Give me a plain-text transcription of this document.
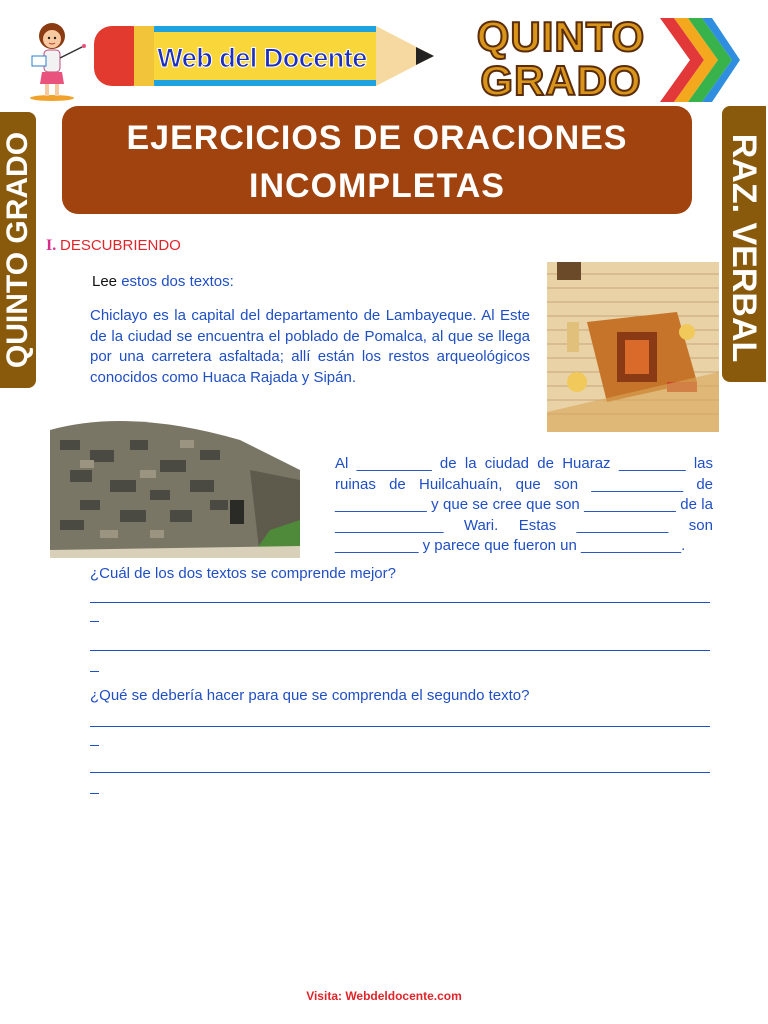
Web del Docente	QUINTO
GRADO
QUINTO GRADO	RAZ. VERBAL
EJERCICIOS DE ORACIONES
INCOMPLETAS
I. DESCUBRIENDO
Lee estos dos textos:
Chiclayo es la capital del departamento de Lambayeque. Al Este de la ciudad se encuentra el poblado de Pomalca, al que se llega por una carretera asfaltada; allí están los restos arqueológicos conocidos como Huaca Rajada y Sipán.
Al _________ de la ciudad de Huaraz ________ las ruinas de Huilcahuaín, que son ___________ de ___________ y que se cree que son ___________ de la _____________ Wari. Estas ___________ son __________ y parece que fueron un ____________.
¿Cuál de los dos textos se comprende mejor?
¿Qué se debería hacer para que se comprenda el segundo texto?
Visita: Webdeldocente.com
